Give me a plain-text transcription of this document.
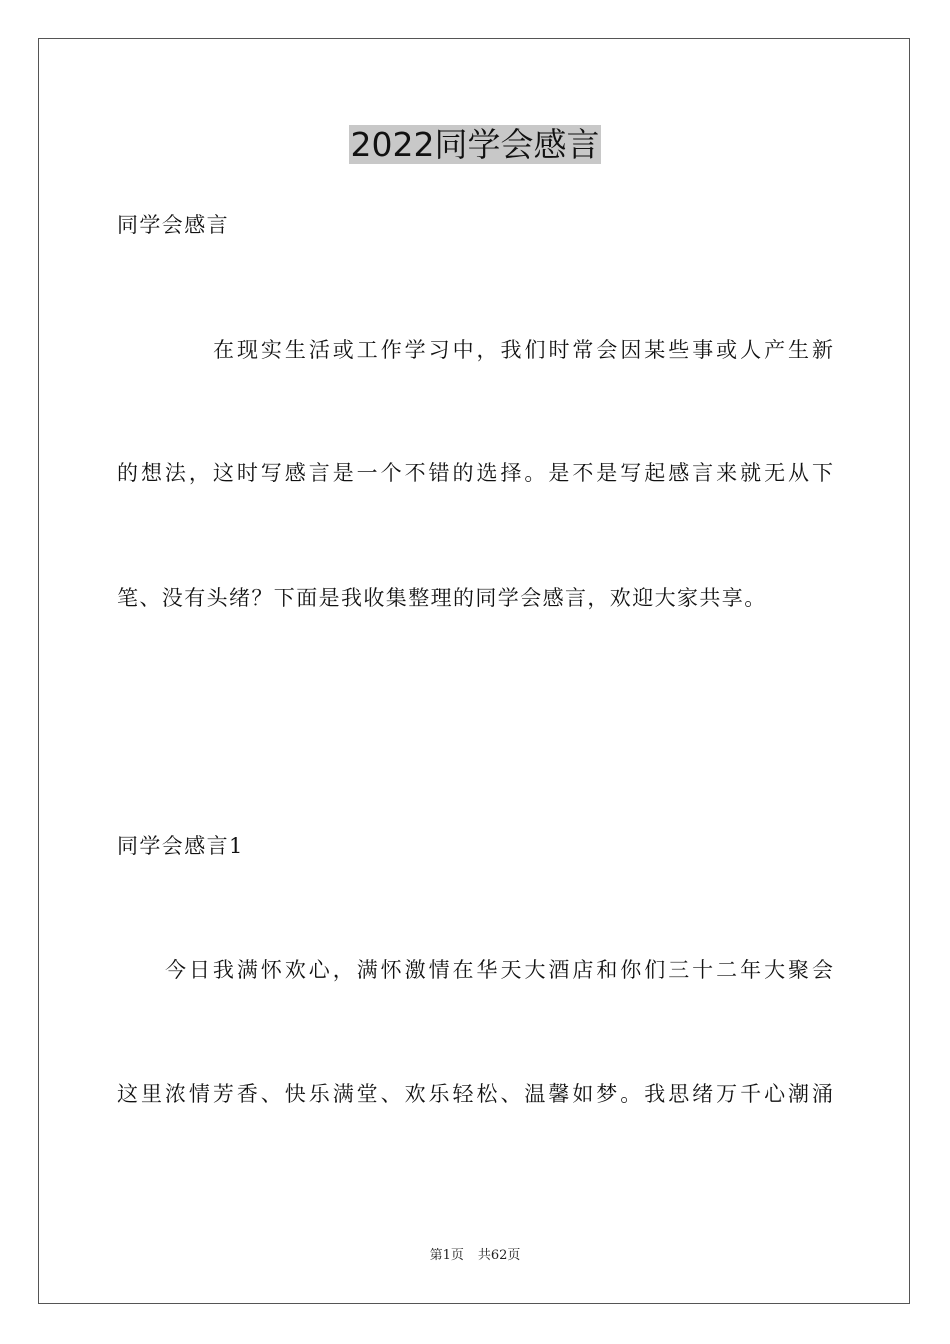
2022同学会感言

同学会感言

在现实生活或工作学习中，我们时常会因某些事或人产生新

的想法，这时写感言是一个不错的选择。是不是写起感言来就无从下

笔、没有头绪？下面是我收集整理的同学会感言，欢迎大家共享。

同学会感言1

今日我满怀欢心，满怀激情在华天大酒店和你们三十二年大聚会

这里浓情芳香、快乐满堂、欢乐轻松、温馨如梦。我思绪万千心潮涌

第1页 共62页
